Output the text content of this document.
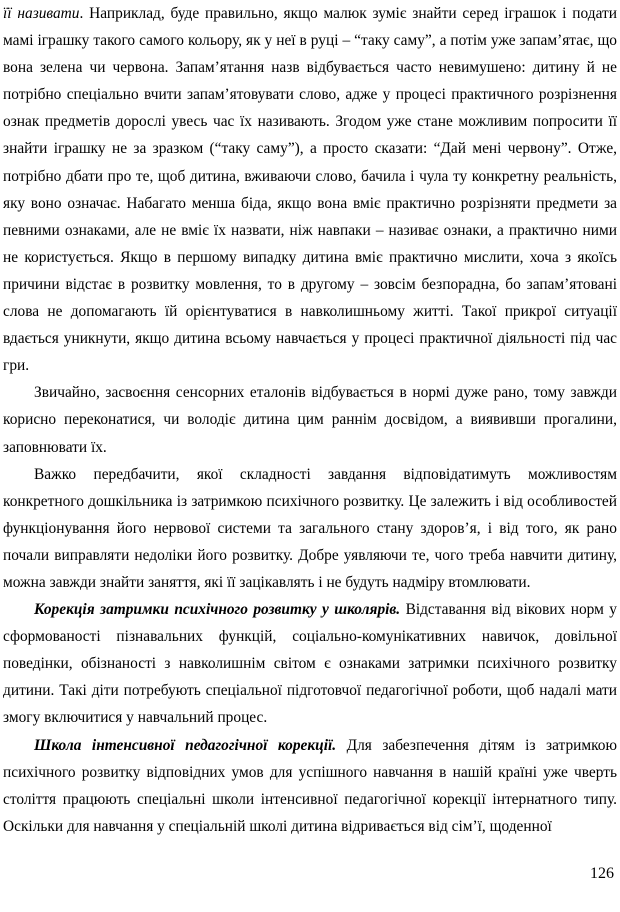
її називати. Наприклад, буде правильно, якщо малюк зуміє знайти серед іграшок і подати мамі іграшку такого самого кольору, як у неї в руці – “таку саму”, а потім уже запам’ятає, що вона зелена чи червона. Запам’ятання назв відбувається часто невимушено: дитину й не потрібно спеціально вчити запам’ятовувати слово, адже у процесі практичного розрізнення ознак предметів дорослі увесь час їх називають. Згодом уже стане можливим попросити її знайти іграшку не за зразком (“таку саму”), а просто сказати: “Дай мені червону”. Отже, потрібно дбати про те, щоб дитина, вживаючи слово, бачила і чула ту конкретну реальність, яку воно означає. Набагато менша біда, якщо вона вміє практично розрізняти предмети за певними ознаками, але не вміє їх назвати, ніж навпаки – називає ознаки, а практично ними не користується. Якщо в першому випадку дитина вміє практично мислити, хоча з якоїсь причини відстає в розвитку мовлення, то в другому – зовсім безпорадна, бо запам’ятовані слова не допомагають їй орієнтуватися в навколишньому житті. Такої прикрої ситуації вдається уникнути, якщо дитина всьому навчається у процесі практичної діяльності під час гри.

Звичайно, засвоєння сенсорних еталонів відбувається в нормі дуже рано, тому завжди корисно переконатися, чи володіє дитина цим раннім досвідом, а виявивши прогалини, заповнювати їх.

Важко передбачити, якої складності завдання відповідатимуть можливостям конкретного дошкільника із затримкою психічного розвитку. Це залежить і від особливостей функціонування його нервової системи та загального стану здоров’я, і від того, як рано почали виправляти недоліки його розвитку. Добре уявляючи те, чого треба навчити дитину, можна завжди знайти заняття, які її зацікавлять і не будуть надміру втомлювати.

Корекція затримки психічного розвитку у школярів. Відставання від вікових норм у сформованості пізнавальних функцій, соціально-комунікативних навичок, довільної поведінки, обізнаності з навколишнім світом є ознаками затримки психічного розвитку дитини. Такі діти потребують спеціальної підготовчої педагогічної роботи, щоб надалі мати змогу включитися у навчальний процес.

Школа інтенсивної педагогічної корекції. Для забезпечення дітям із затримкою психічного розвитку відповідних умов для успішного навчання в нашій країні уже чверть століття працюють спеціальні школи інтенсивної педагогічної корекції інтернатного типу. Оскільки для навчання у спеціальній школі дитина відривається від сім’ї, щоденної

126
